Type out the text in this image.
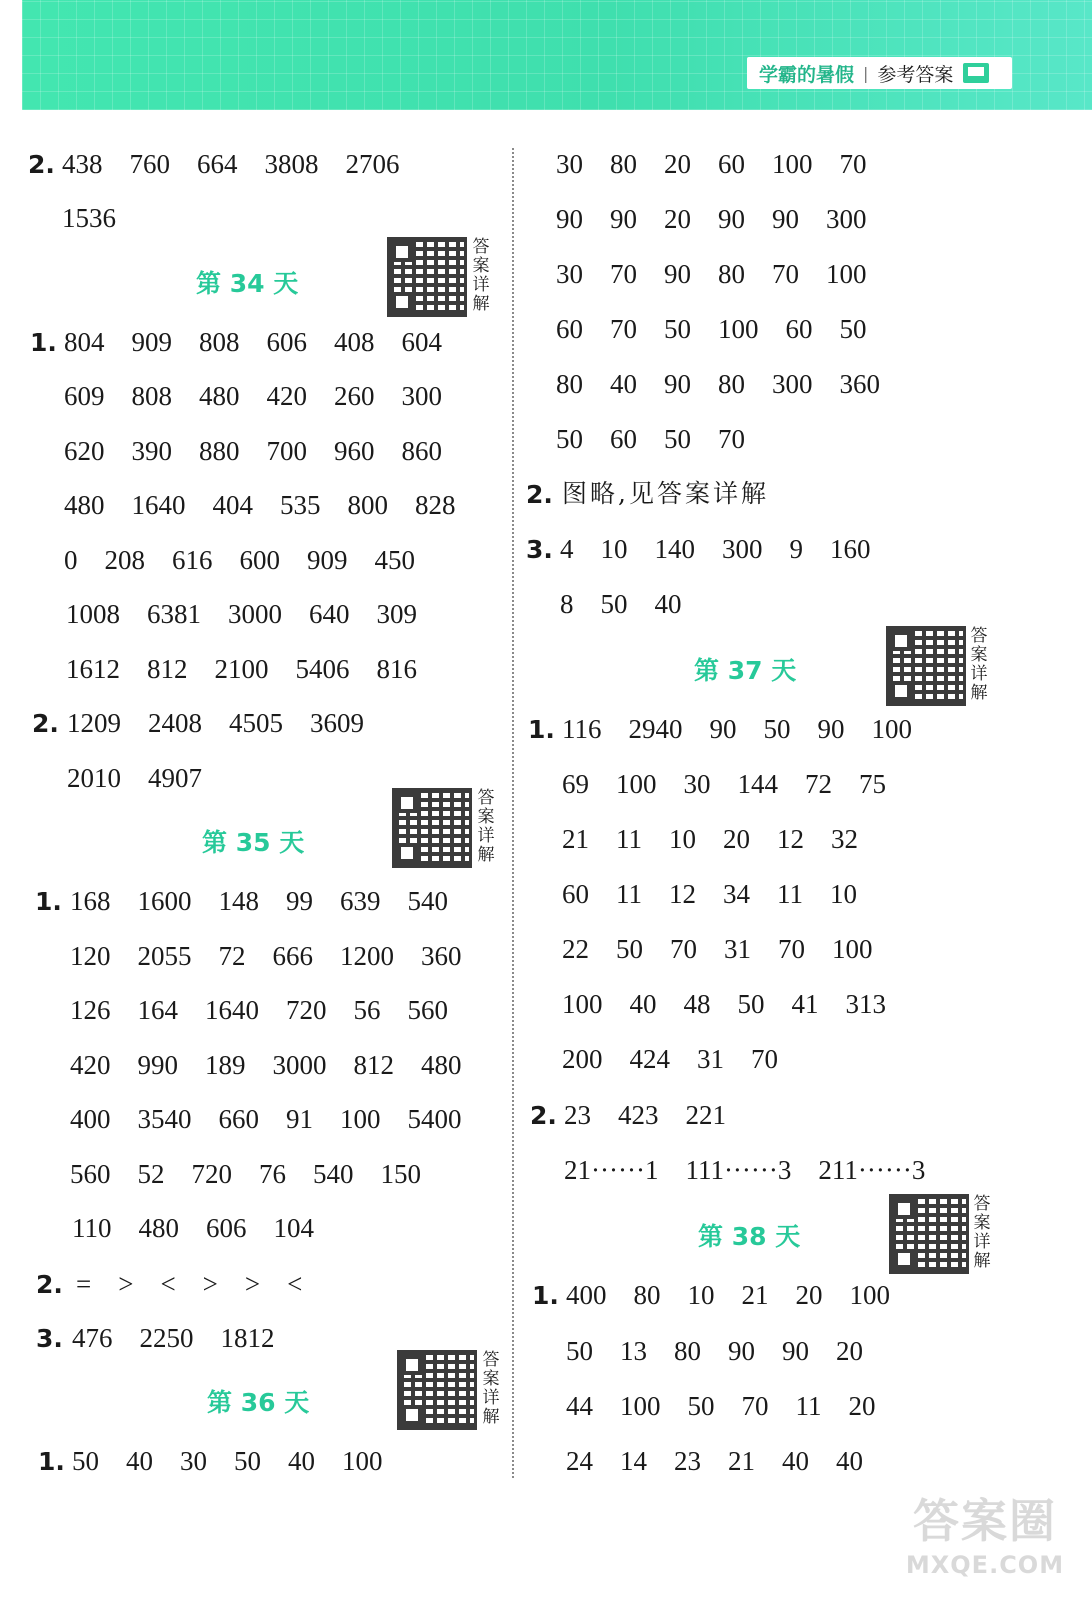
学霸的暑假 | 参考答案
2. 438    760    664    3808    2706
1536
第 34 天
答案详解
1. 804    909    808    606    408    604
609    808    480    420    260    300
620    390    880    700    960    860
480    1640    404    535    800    828
0    208    616    600    909    450
1008    6381    3000    640    309
1612    812    2100    5406    816
2. 1209    2408    4505    3609
2010    4907
第 35 天
答案详解
1. 168    1600    148    99    639    540
120    2055    72    666    1200    360
126    164    1640    720    56    560
420    990    189    3000    812    480
400    3540    660    91    100    5400
560    52    720    76    540    150
110    480    606    104
2. =    >    <    >    >    <
3. 476    2250    1812
第 36 天
答案详解
1. 50    40    30    50    40    100
30    80    20    60    100    70
90    90    20    90    90    300
30    70    90    80    70    100
60    70    50    100    60    50
80    40    90    80    300    360
50    60    50    70
2. 图略,见答案详解
3. 4    10    140    300    9    160
8    50    40
第 37 天
答案详解
1. 116    2940    90    50    90    100
69    100    30    144    72    75
21    11    10    20    12    32
60    11    12    34    11    10
22    50    70    31    70    100
100    40    48    50    41    313
200    424    31    70
2. 23    423    221
21······1    111······3    211······3
第 38 天
答案详解
1. 400    80    10    21    20    100
50    13    80    90    90    20
44    100    50    70    11    20
24    14    23    21    40    40
答案圈
MXQE.COM
